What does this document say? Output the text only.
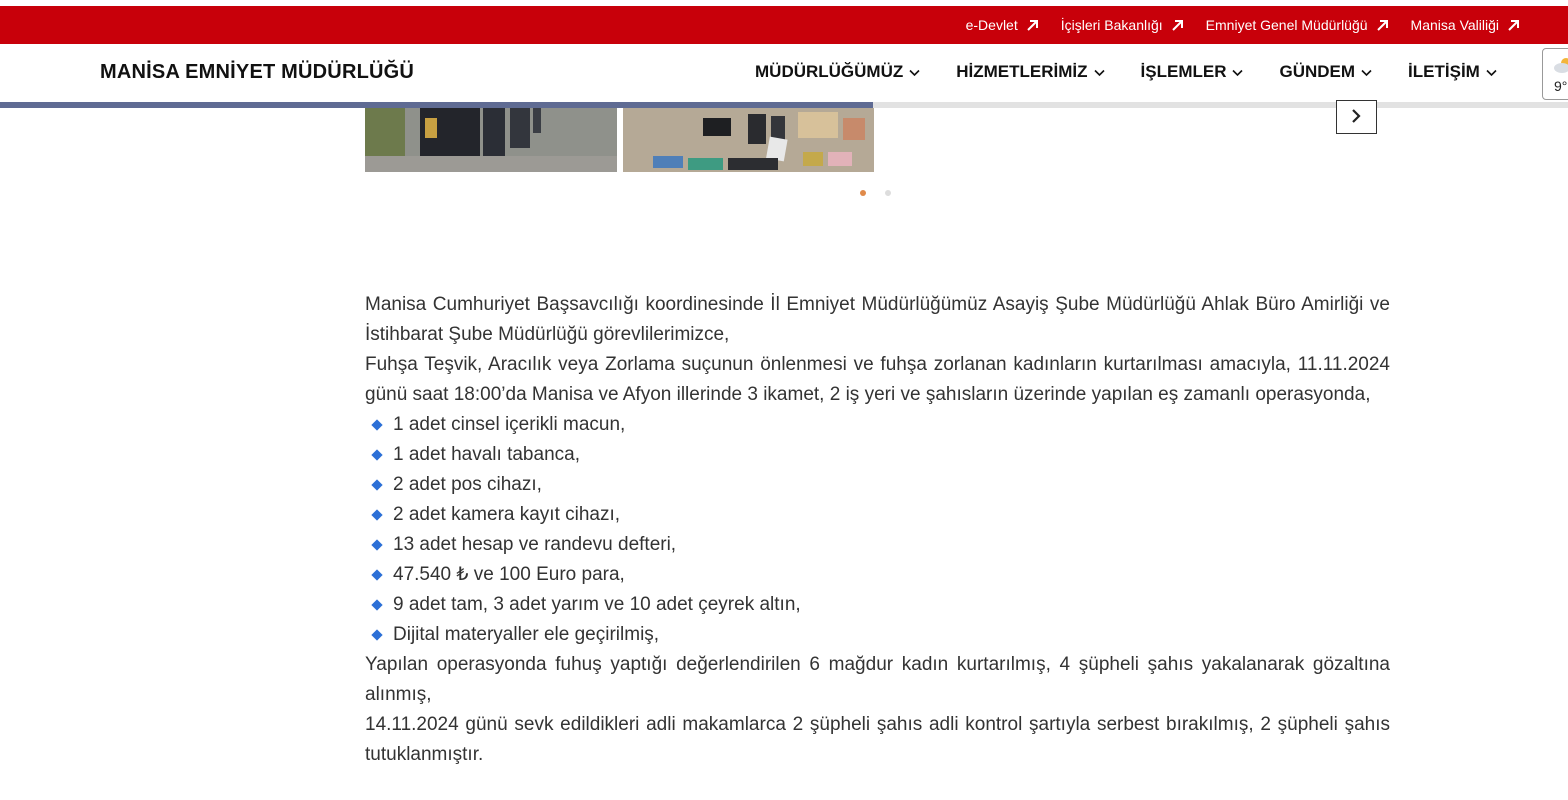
e-Devlet	İçişleri Bakanlığı	Emniyet Genel Müdürlüğü	Manisa Valiliği
MANİSA EMNİYET MÜDÜRLÜĞÜ	MÜDÜRLÜĞÜMÜZ	HİZMETLERİMİZ	İŞLEMLER	GÜNDEM	İLETİŞİM
9°

Manisa Cumhuriyet Başsavcılığı koordinesinde İl Emniyet Müdürlüğümüz Asayiş Şube Müdürlüğü Ahlak Büro Amirliği ve İstihbarat Şube Müdürlüğü görevlilerimizce,

Fuhşa Teşvik, Aracılık veya Zorlama suçunun önlenmesi ve fuhşa zorlanan kadınların kurtarılması amacıyla, 11.11.2024 günü saat 18:00’da Manisa ve Afyon illerinde 3 ikamet, 2 iş yeri ve şahısların üzerinde yapılan eş zamanlı operasyonda,

1 adet cinsel içerikli macun,
1 adet havalı tabanca,
2 adet pos cihazı,
2 adet kamera kayıt cihazı,
13 adet hesap ve randevu defteri,
47.540 ₺ ve 100 Euro para,
9 adet tam, 3 adet yarım ve 10 adet çeyrek altın,
Dijital materyaller ele geçirilmiş,

Yapılan operasyonda fuhuş yaptığı değerlendirilen 6 mağdur kadın kurtarılmış, 4 şüpheli şahıs yakalanarak gözaltına alınmış,

14.11.2024 günü sevk edildikleri adli makamlarca 2 şüpheli şahıs adli kontrol şartıyla serbest bırakılmış, 2 şüpheli şahıs tutuklanmıştır.
